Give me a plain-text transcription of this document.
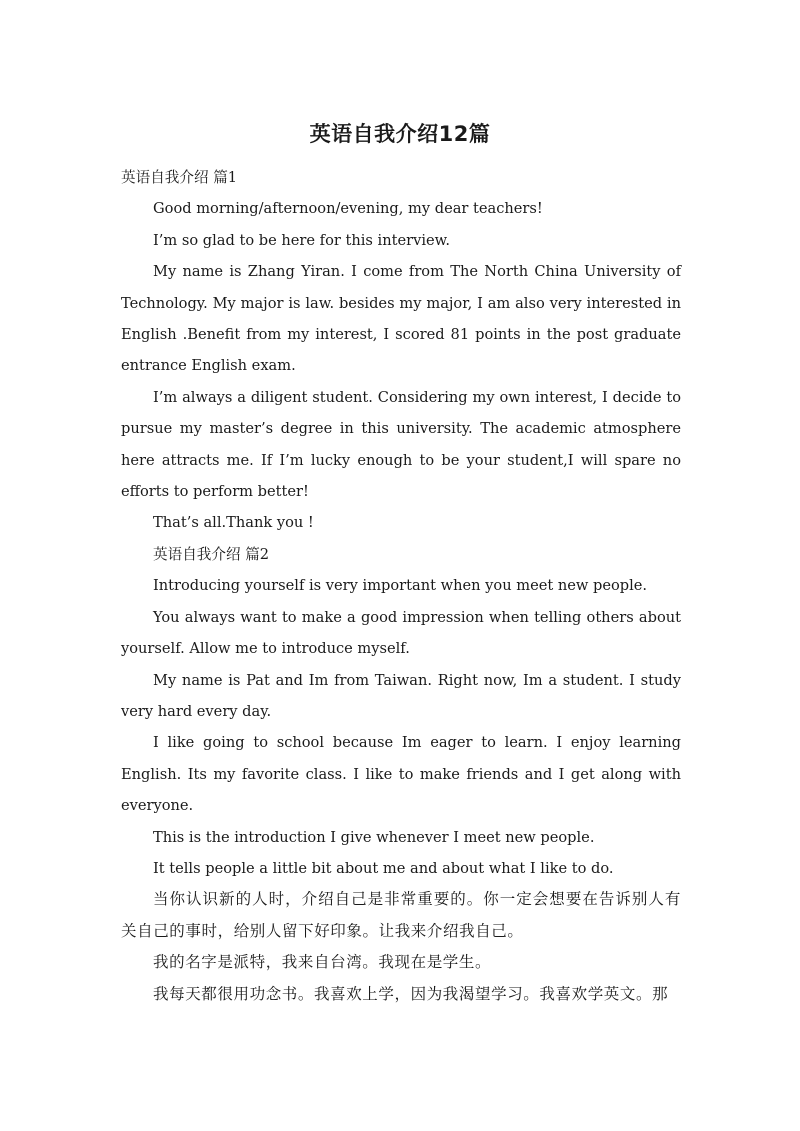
英语自我介绍12篇

英语自我介绍 篇1

Good morning/afternoon/evening, my dear teachers!

I’m so glad to be here for this interview.

My name is Zhang Yiran. I come from The North China University of Technology. My major is law. besides my major, I am also very interested in English .Benefit from my interest, I scored 81 points in the post graduate entrance English exam.

I’m always a diligent student. Considering my own interest, I decide to pursue my master’s degree in this university. The academic atmosphere here attracts me. If I’m lucky enough to be your student,I will spare no efforts to perform better!

That’s all.Thank you !

英语自我介绍 篇2

Introducing yourself is very important when you meet new people.

You always want to make a good impression when telling others about yourself. Allow me to introduce myself.

My name is Pat and Im from Taiwan. Right now, Im a student. I study very hard every day.

I like going to school because Im eager to learn. I enjoy learning English. Its my favorite class. I like to make friends and I get along with everyone.

This is the introduction I give whenever I meet new people.

It tells people a little bit about me and about what I like to do.

当你认识新的人时，介绍自己是非常重要的。你一定会想要在告诉别人有关自己的事时，给别人留下好印象。让我来介绍我自己。

我的名字是派特，我来自台湾。我现在是学生。

我每天都很用功念书。我喜欢上学，因为我渴望学习。我喜欢学英文。那
